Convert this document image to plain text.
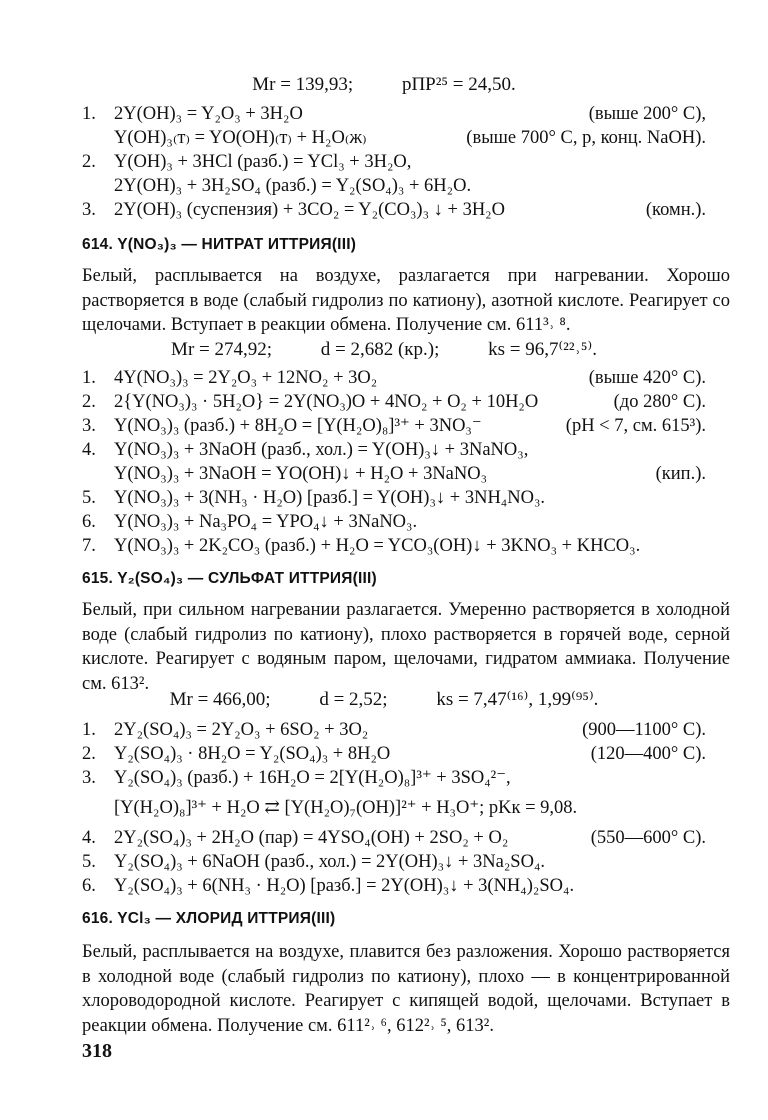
Mr = 139,93;	рПР²⁵ = 24,50.
1. 2Y(OH)₃ = Y₂O₃ + 3H₂O	(выше 200° С),
Y(OH)₃₍т₎ = YO(OH)₍т₎ + H₂O₍ж₎	(выше 700° С, р, конц. NaOH).
2. Y(OH)₃ + 3HCl (разб.) = YCl₃ + 3H₂O,
2Y(OH)₃ + 3H₂SO₄ (разб.) = Y₂(SO₄)₃ + 6H₂O.
3. 2Y(OH)₃ (суспензия) + 3CO₂ = Y₂(CO₃)₃ ↓ + 3H₂O	(комн.).
614. Y(NO₃)₃ — НИТРАТ ИТТРИЯ(III)
Белый, расплывается на воздухе, разлагается при нагревании. Хорошо растворяется в воде (слабый гидролиз по катиону), азотной кислоте. Реагирует со щелочами. Вступает в реакции обмена. Получение см. 611³˒ ⁸.
Mr = 274,92;	d = 2,682 (кр.);	ks = 96,7⁽²²˒⁵⁾.
1. 4Y(NO₃)₃ = 2Y₂O₃ + 12NO₂ + 3O₂	(выше 420° С).
2. 2{Y(NO₃)₃ · 5H₂O} = 2Y(NO₃)O + 4NO₂ + O₂ + 10H₂O	(до 280° С).
3. Y(NO₃)₃ (разб.) + 8H₂O = [Y(H₂O)₈]³⁺ + 3NO₃⁻	(pH < 7, см. 615³).
4. Y(NO₃)₃ + 3NaOH (разб., хол.) = Y(OH)₃↓ + 3NaNO₃,
Y(NO₃)₃ + 3NaOH = YO(OH)↓ + H₂O + 3NaNO₃	(кип.).
5. Y(NO₃)₃ + 3(NH₃ · H₂O) [разб.] = Y(OH)₃↓ + 3NH₄NO₃.
6. Y(NO₃)₃ + Na₃PO₄ = YPO₄↓ + 3NaNO₃.
7. Y(NO₃)₃ + 2K₂CO₃ (разб.) + H₂O = YCO₃(OH)↓ + 3KNO₃ + KHCO₃.
615. Y₂(SO₄)₃ — СУЛЬФАТ ИТТРИЯ(III)
Белый, при сильном нагревании разлагается. Умеренно растворяется в холодной воде (слабый гидролиз по катиону), плохо растворяется в горячей воде, серной кислоте. Реагирует с водяным паром, щелочами, гидратом аммиака. Получение см. 613².
Mr = 466,00;	d = 2,52;	ks = 7,47⁽¹⁶⁾, 1,99⁽⁹⁵⁾.
1. 2Y₂(SO₄)₃ = 2Y₂O₃ + 6SO₂ + 3O₂	(900—1100° С).
2. Y₂(SO₄)₃ · 8H₂O = Y₂(SO₄)₃ + 8H₂O	(120—400° С).
3. Y₂(SO₄)₃ (разб.) + 16H₂O = 2[Y(H₂O)₈]³⁺ + 3SO₄²⁻,
[Y(H₂O)₈]³⁺ + H₂O ⇄ [Y(H₂O)₇(OH)]²⁺ + H₃O⁺; pKк = 9,08.
4. 2Y₂(SO₄)₃ + 2H₂O (пар) = 4YSO₄(OH) + 2SO₂ + O₂	(550—600° С).
5. Y₂(SO₄)₃ + 6NaOH (разб., хол.) = 2Y(OH)₃↓ + 3Na₂SO₄.
6. Y₂(SO₄)₃ + 6(NH₃ · H₂O) [разб.] = 2Y(OH)₃↓ + 3(NH₄)₂SO₄.
616. YCl₃ — ХЛОРИД ИТТРИЯ(III)
Белый, расплывается на воздухе, плавится без разложения. Хорошо растворяется в холодной воде (слабый гидролиз по катиону), плохо — в концентрированной хлороводородной кислоте. Реагирует с кипящей водой, щелочами. Вступает в реакции обмена. Получение см. 611²˒ ⁶, 612²˒ ⁵, 613².
318
